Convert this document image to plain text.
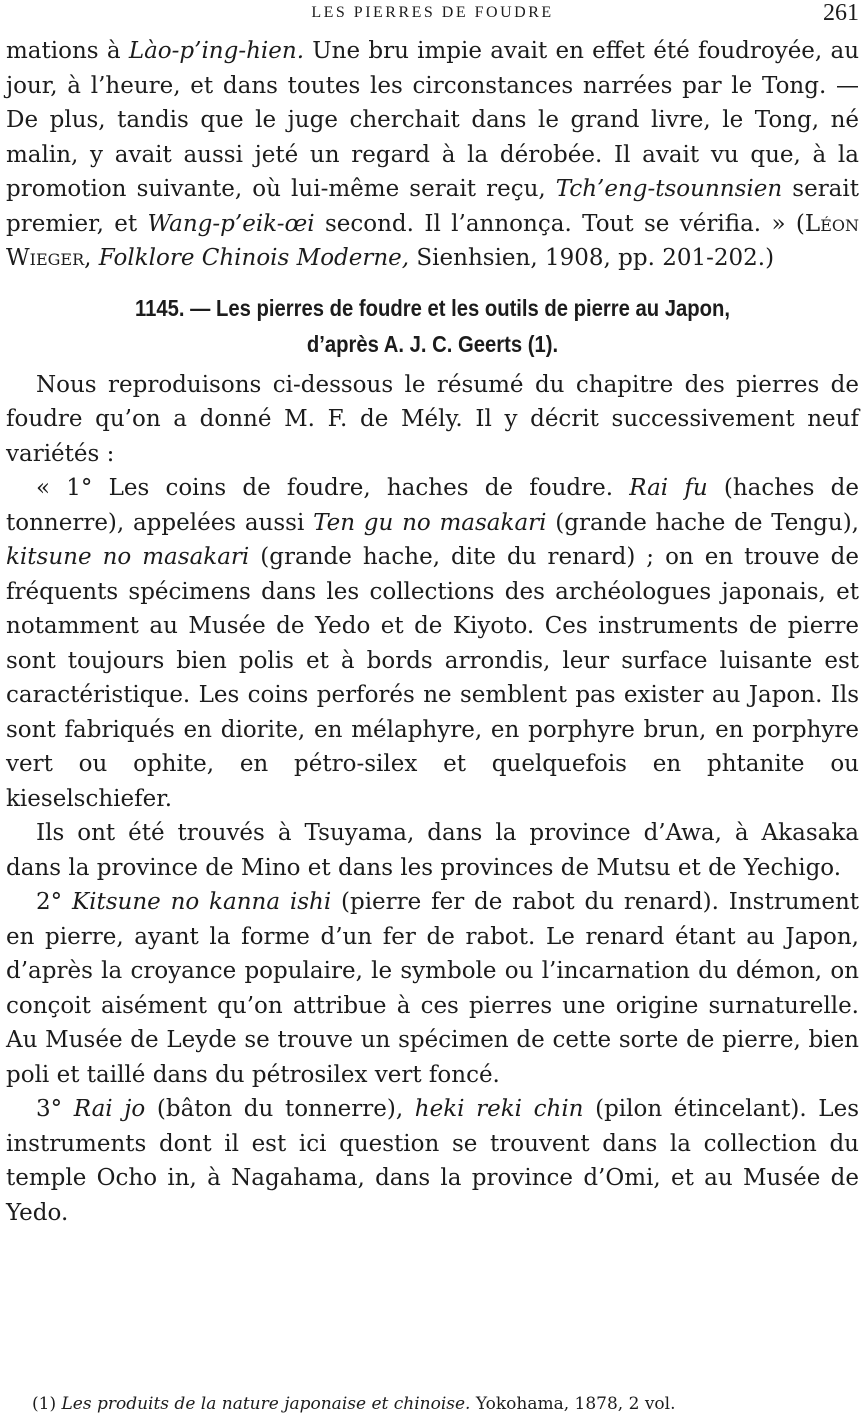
LES PIERRES DE FOUDRE	261

mations à Lào-p’ing-hien. Une bru impie avait en effet été foudroyée, au jour, à l’heure, et dans toutes les circonstances narrées par le Tong. — De plus, tandis que le juge cherchait dans le grand livre, le Tong, né malin, y avait aussi jeté un regard à la dérobée. Il avait vu que, à la promotion suivante, où lui-même serait reçu, Tch’eng-tsounnsien serait premier, et Wang-p’eik-œi second. Il l’annonça. Tout se vérifia. » (Léon Wieger, Folklore Chinois Moderne, Sienhsien, 1908, pp. 201-202.)

1145. — Les pierres de foudre et les outils de pierre au Japon,
d’après A. J. C. Geerts (1).

Nous reproduisons ci-dessous le résumé du chapitre des pierres de foudre qu’on a donné M. F. de Mély. Il y décrit successivement neuf variétés :

« 1° Les coins de foudre, haches de foudre. Rai fu (haches de tonnerre), appelées aussi Ten gu no masakari (grande hache de Tengu), kitsune no masakari (grande hache, dite du renard) ; on en trouve de fréquents spécimens dans les collections des archéologues japonais, et notamment au Musée de Yedo et de Kiyoto. Ces instruments de pierre sont toujours bien polis et à bords arrondis, leur surface luisante est caractéristique. Les coins perforés ne semblent pas exister au Japon. Ils sont fabriqués en diorite, en mélaphyre, en porphyre brun, en porphyre vert ou ophite, en pétro-silex et quelquefois en phtanite ou kieselschiefer.

Ils ont été trouvés à Tsuyama, dans la province d’Awa, à Akasaka dans la province de Mino et dans les provinces de Mutsu et de Yechigo.

2° Kitsune no kanna ishi (pierre fer de rabot du renard). Instrument en pierre, ayant la forme d’un fer de rabot. Le renard étant au Japon, d’après la croyance populaire, le symbole ou l’incarnation du démon, on conçoit aisément qu’on attribue à ces pierres une origine surnaturelle. Au Musée de Leyde se trouve un spécimen de cette sorte de pierre, bien poli et taillé dans du pétrosilex vert foncé.

3° Rai jo (bâton du tonnerre), heki reki chin (pilon étincelant). Les instruments dont il est ici question se trouvent dans la collection du temple Ocho in, à Nagahama, dans la province d’Omi, et au Musée de Yedo.

(1) Les produits de la nature japonaise et chinoise. Yokohama, 1878, 2 vol.
